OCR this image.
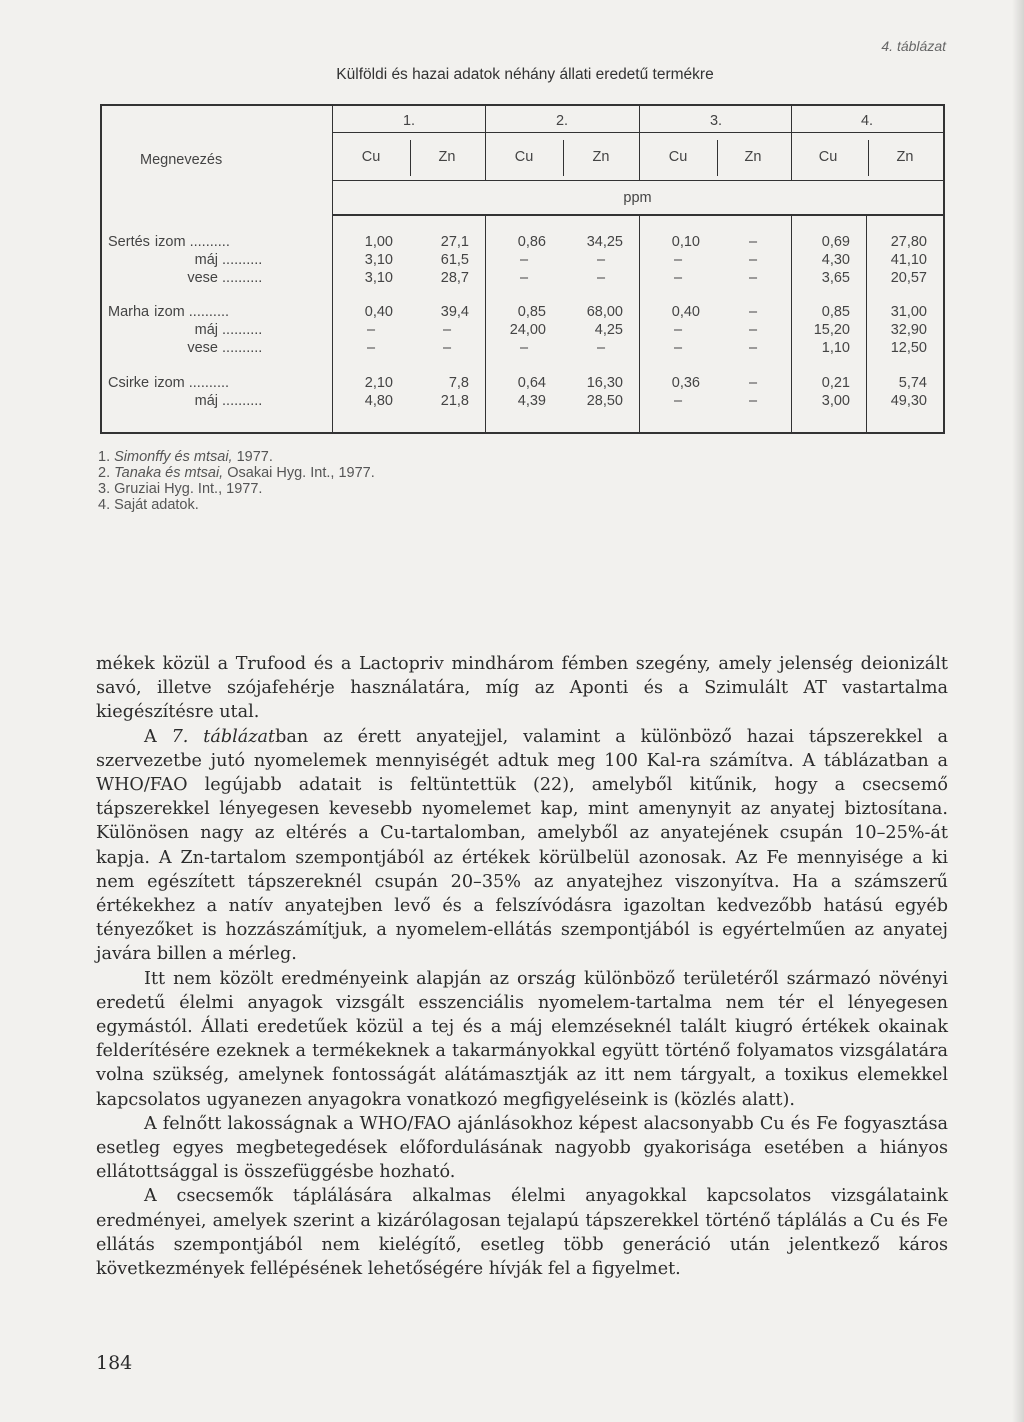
4. táblázat
Külföldi és hazai adatok néhány állati eredetű termékre
Megnevezés
1.	2.	3.	4.
Cu	Zn	Cu	Zn	Cu	Zn	Cu	Zn
ppm
Sertés izom ..........	1,00	27,1	0,86	34,25	0,10	–	0,69	27,80
máj ..........	3,10	61,5	–	–	–	–	4,30	41,10
vese ..........	3,10	28,7	–	–	–	–	3,65	20,57
Marha izom ..........	0,40	39,4	0,85	68,00	0,40	–	0,85	31,00
máj ..........	–	–	24,00	4,25	–	–	15,20	32,90
vese ..........	–	–	–	–	–	–	1,10	12,50
Csirke izom ..........	2,10	7,8	0,64	16,30	0,36	–	0,21	5,74
máj ..........	4,80	21,8	4,39	28,50	–	–	3,00	49,30
1. Simonffy és mtsai, 1977.
2. Tanaka és mtsai, Osakai Hyg. Int., 1977.
3. Gruziai Hyg. Int., 1977.
4. Saját adatok.

mékek közül a Trufood és a Lactopriv mindhárom fémben szegény, amely jelenség deionizált savó, illetve szójafehérje használatára, míg az Aponti és a Szimulált AT vastartalma kiegészítésre utal.

A 7. táblázatban az érett anyatejjel, valamint a különböző hazai tápszerekkel a szervezetbe jutó nyomelemek mennyiségét adtuk meg 100 Kal-ra számítva. A táblázatban a WHO/FAO legújabb adatait is feltüntettük (22), amelyből kitűnik, hogy a csecsemő tápszerekkel lényegesen kevesebb nyomelemet kap, mint amenynyit az anyatej biztosítana. Különösen nagy az eltérés a Cu-tartalomban, amelyből az anyatejének csupán 10–25%-át kapja. A Zn-tartalom szempontjából az értékek körülbelül azonosak. Az Fe mennyisége a ki nem egészített tápszereknél csupán 20–35% az anyatejhez viszonyítva. Ha a számszerű értékekhez a natív anyatejben levő és a felszívódásra igazoltan kedvezőbb hatású egyéb tényezőket is hozzászámítjuk, a nyomelem-ellátás szempontjából is egyértelműen az anyatej javára billen a mérleg.

Itt nem közölt eredményeink alapján az ország különböző területéről származó növényi eredetű élelmi anyagok vizsgált esszenciális nyomelem-tartalma nem tér el lényegesen egymástól. Állati eredetűek közül a tej és a máj elemzéseknél talált kiugró értékek okainak felderítésére ezeknek a termékeknek a takarmányokkal együtt történő folyamatos vizsgálatára volna szükség, amelynek fontosságát alátámasztják az itt nem tárgyalt, a toxikus elemekkel kapcsolatos ugyanezen anyagokra vonatkozó megfigyeléseink is (közlés alatt).

A felnőtt lakosságnak a WHO/FAO ajánlásokhoz képest alacsonyabb Cu és Fe fogyasztása esetleg egyes megbetegedések előfordulásának nagyobb gyakorisága esetében a hiányos ellátottsággal is összefüggésbe hozható.

A csecsemők táplálására alkalmas élelmi anyagokkal kapcsolatos vizsgálataink eredményei, amelyek szerint a kizárólagosan tejalapú tápszerekkel történő táplálás a Cu és Fe ellátás szempontjából nem kielégítő, esetleg több generáció után jelentkező káros következmények fellépésének lehetőségére hívják fel a figyelmet.

184
